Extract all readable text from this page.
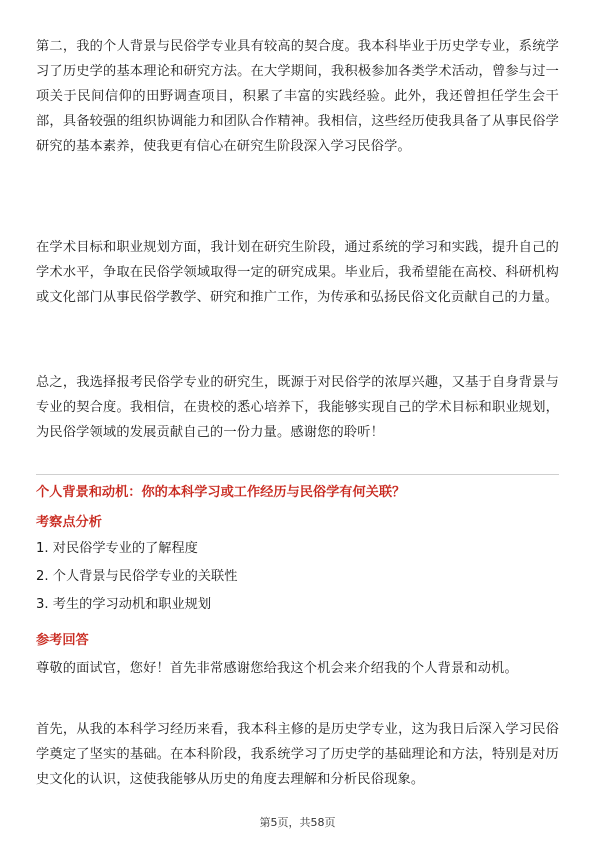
第二，我的个人背景与民俗学专业具有较高的契合度。我本科毕业于历史学专业，系统学习了历史学的基本理论和研究方法。在大学期间，我积极参加各类学术活动，曾参与过一项关于民间信仰的田野调查项目，积累了丰富的实践经验。此外，我还曾担任学生会干部，具备较强的组织协调能力和团队合作精神。我相信，这些经历使我具备了从事民俗学研究的基本素养，使我更有信心在研究生阶段深入学习民俗学。

在学术目标和职业规划方面，我计划在研究生阶段，通过系统的学习和实践，提升自己的学术水平，争取在民俗学领域取得一定的研究成果。毕业后，我希望能在高校、科研机构或文化部门从事民俗学教学、研究和推广工作，为传承和弘扬民俗文化贡献自己的力量。

总之，我选择报考民俗学专业的研究生，既源于对民俗学的浓厚兴趣，又基于自身背景与专业的契合度。我相信，在贵校的悉心培养下，我能够实现自己的学术目标和职业规划，为民俗学领域的发展贡献自己的一份力量。感谢您的聆听！

个人背景和动机：你的本科学习或工作经历与民俗学有何关联？

考察点分析

1. 对民俗学专业的了解程度

2. 个人背景与民俗学专业的关联性

3. 考生的学习动机和职业规划

参考回答

尊敬的面试官，您好！首先非常感谢您给我这个机会来介绍我的个人背景和动机。

首先，从我的本科学习经历来看，我本科主修的是历史学专业，这为我日后深入学习民俗学奠定了坚实的基础。在本科阶段，我系统学习了历史学的基础理论和方法，特别是对历史文化的认识，这使我能够从历史的角度去理解和分析民俗现象。

第5页，共58页
